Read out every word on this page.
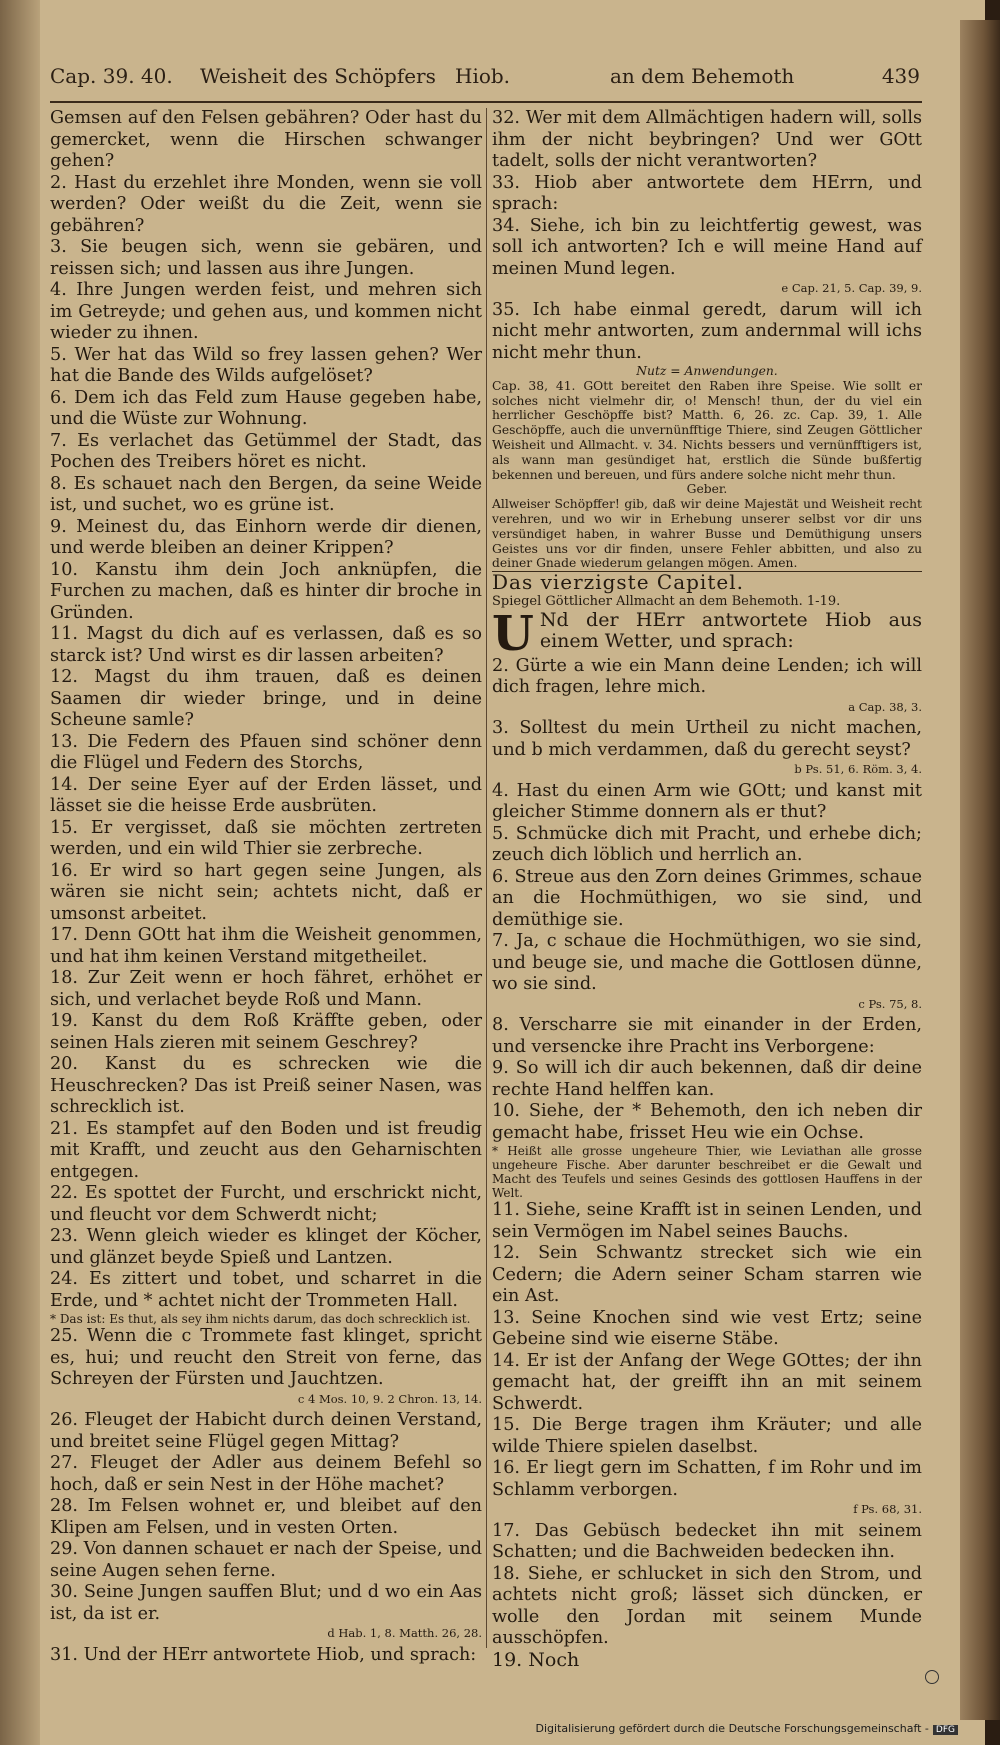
Cap. 39. 40. Weisheit des Schöpfers Hiob.	an dem Behemoth	439

Gemsen auf den Felsen gebähren? Oder hast du gemercket, wenn die Hirschen schwanger gehen?

2. Hast du erzehlet ihre Monden, wenn sie voll werden? Oder weißt du die Zeit, wenn sie gebähren?

3. Sie beugen sich, wenn sie gebären, und reissen sich; und lassen aus ihre Jungen.

4. Ihre Jungen werden feist, und mehren sich im Getreyde; und gehen aus, und kommen nicht wieder zu ihnen.

5. Wer hat das Wild so frey lassen gehen? Wer hat die Bande des Wilds aufgelöset?

6. Dem ich das Feld zum Hause gegeben habe, und die Wüste zur Wohnung.

7. Es verlachet das Getümmel der Stadt, das Pochen des Treibers höret es nicht.

8. Es schauet nach den Bergen, da seine Weide ist, und suchet, wo es grüne ist.

9. Meinest du, das Einhorn werde dir dienen, und werde bleiben an deiner Krippen?

10. Kanstu ihm dein Joch anknüpfen, die Furchen zu machen, daß es hinter dir broche in Gründen.

11. Magst du dich auf es verlassen, daß es so starck ist? Und wirst es dir lassen arbeiten?

12. Magst du ihm trauen, daß es deinen Saamen dir wieder bringe, und in deine Scheune samle?

13. Die Federn des Pfauen sind schöner denn die Flügel und Federn des Storchs,

14. Der seine Eyer auf der Erden lässet, und lässet sie die heisse Erde ausbrüten.

15. Er vergisset, daß sie möchten zertreten werden, und ein wild Thier sie zerbreche.

16. Er wird so hart gegen seine Jungen, als wären sie nicht sein; achtets nicht, daß er umsonst arbeitet.

17. Denn GOtt hat ihm die Weisheit genommen, und hat ihm keinen Verstand mitgetheilet.

18. Zur Zeit wenn er hoch fähret, erhöhet er sich, und verlachet beyde Roß und Mann.

19. Kanst du dem Roß Kräffte geben, oder seinen Hals zieren mit seinem Geschrey?

20. Kanst du es schrecken wie die Heuschrecken? Das ist Preiß seiner Nasen, was schrecklich ist.

21. Es stampfet auf den Boden und ist freudig mit Krafft, und zeucht aus den Geharnischten entgegen.

22. Es spottet der Furcht, und erschrickt nicht, und fleucht vor dem Schwerdt nicht;

23. Wenn gleich wieder es klinget der Köcher, und glänzet beyde Spieß und Lantzen.

24. Es zittert und tobet, und scharret in die Erde, und * achtet nicht der Trommeten Hall.

* Das ist: Es thut, als sey ihm nichts darum, das doch schrecklich ist.

25. Wenn die c Trommete fast klinget, spricht es, hui; und reucht den Streit von ferne, das Schreyen der Fürsten und Jauchtzen.

c 4 Mos. 10, 9. 2 Chron. 13, 14.

26. Fleuget der Habicht durch deinen Verstand, und breitet seine Flügel gegen Mittag?

27. Fleuget der Adler aus deinem Befehl so hoch, daß er sein Nest in der Höhe machet?

28. Im Felsen wohnet er, und bleibet auf den Klipen am Felsen, und in vesten Orten.

29. Von dannen schauet er nach der Speise, und seine Augen sehen ferne.

30. Seine Jungen sauffen Blut; und d wo ein Aas ist, da ist er.

d Hab. 1, 8. Matth. 26, 28.

31. Und der HErr antwortete Hiob, und sprach:

32. Wer mit dem Allmächtigen hadern will, solls ihm der nicht beybringen? Und wer GOtt tadelt, solls der nicht verantworten?

33. Hiob aber antwortete dem HErrn, und sprach:

34. Siehe, ich bin zu leichtfertig gewest, was soll ich antworten? Ich e will meine Hand auf meinen Mund legen.

e Cap. 21, 5. Cap. 39, 9.

35. Ich habe einmal geredt, darum will ich nicht mehr antworten, zum andernmal will ichs nicht mehr thun.

Nutz = Anwendungen.

Cap. 38, 41. GOtt bereitet den Raben ihre Speise. Wie sollt er solches nicht vielmehr dir, o! Mensch! thun, der du viel ein herrlicher Geschöpffe bist? Matth. 6, 26. zc. Cap. 39, 1. Alle Geschöpffe, auch die unvernünfftige Thiere, sind Zeugen Göttlicher Weisheit und Allmacht. v. 34. Nichts bessers und vernünfftigers ist, als wann man gesündiget hat, erstlich die Sünde bußfertig bekennen und bereuen, und fürs andere solche nicht mehr thun.

Geber.

Allweiser Schöpffer! gib, daß wir deine Majestät und Weisheit recht verehren, und wo wir in Erhebung unserer selbst vor dir uns versündiget haben, in wahrer Busse und Demüthigung unsers Geistes uns vor dir finden, unsere Fehler abbitten, und also zu deiner Gnade wiederum gelangen mögen. Amen.

Das vierzigste Capitel.

Spiegel Göttlicher Allmacht an dem Behemoth. 1-19.

U Nd der HErr antwortete Hiob aus einem Wetter, und sprach:

2. Gürte a wie ein Mann deine Lenden; ich will dich fragen, lehre mich.

a Cap. 38, 3.

3. Solltest du mein Urtheil zu nicht machen, und b mich verdammen, daß du gerecht seyst?

b Ps. 51, 6. Röm. 3, 4.

4. Hast du einen Arm wie GOtt; und kanst mit gleicher Stimme donnern als er thut?

5. Schmücke dich mit Pracht, und erhebe dich; zeuch dich löblich und herrlich an.

6. Streue aus den Zorn deines Grimmes, schaue an die Hochmüthigen, wo sie sind, und demüthige sie.

7. Ja, c schaue die Hochmüthigen, wo sie sind, und beuge sie, und mache die Gottlosen dünne, wo sie sind.

c Ps. 75, 8.

8. Verscharre sie mit einander in der Erden, und versencke ihre Pracht ins Verborgene:

9. So will ich dir auch bekennen, daß dir deine rechte Hand helffen kan.

10. Siehe, der * Behemoth, den ich neben dir gemacht habe, frisset Heu wie ein Ochse.

* Heißt alle grosse ungeheure Thier, wie Leviathan alle grosse ungeheure Fische. Aber darunter beschreibet er die Gewalt und Macht des Teufels und seines Gesinds des gottlosen Hauffens in der Welt.

11. Siehe, seine Krafft ist in seinen Lenden, und sein Vermögen im Nabel seines Bauchs.

12. Sein Schwantz strecket sich wie ein Cedern; die Adern seiner Scham starren wie ein Ast.

13. Seine Knochen sind wie vest Ertz; seine Gebeine sind wie eiserne Stäbe.

14. Er ist der Anfang der Wege GOttes; der ihn gemacht hat, der greifft ihn an mit seinem Schwerdt.

15. Die Berge tragen ihm Kräuter; und alle wilde Thiere spielen daselbst.

16. Er liegt gern im Schatten, f im Rohr und im Schlamm verborgen.

f Ps. 68, 31.

17. Das Gebüsch bedecket ihn mit seinem Schatten; und die Bachweiden bedecken ihn.

18. Siehe, er schlucket in sich den Strom, und achtets nicht groß; lässet sich düncken, er wolle den Jordan mit seinem Munde ausschöpfen.

19. Noch

Digitalisierung gefördert durch die Deutsche Forschungsgemeinschaft - DFG
